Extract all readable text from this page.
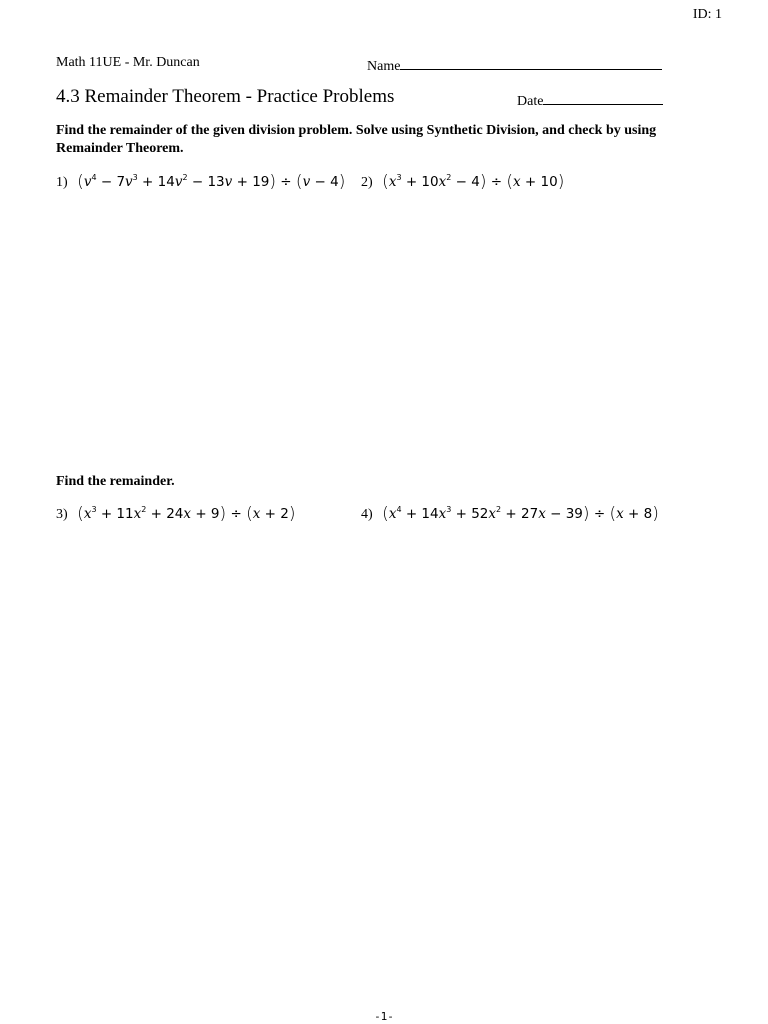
ID: 1
Math 11UE - Mr. Duncan	Name
4.3 Remainder Theorem - Practice Problems	Date
Find the remainder of the given division problem. Solve using Synthetic Division, and check by using Remainder Theorem.
1) $(v^4 - 7v^3 + 14v^2 - 13v + 19) \div (v - 4)$ 2) $(x^3 + 10x^2 - 4) \div (x + 10)$
Find the remainder.
3) $(x^3 + 11x^2 + 24x + 9) \div (x + 2)$	4) $(x^4 + 14x^3 + 52x^2 + 27x - 39) \div (x + 8)$
-1-
